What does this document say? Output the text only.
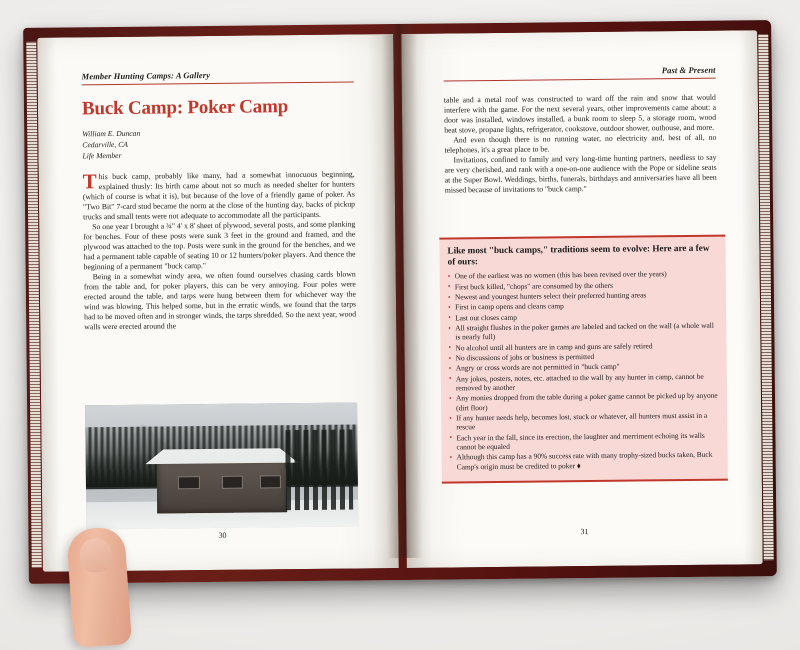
Member Hunting Camps: A Gallery
Buck Camp: Poker Camp
William E. Duncan
Cedarville, CA
Life Member
T his buck camp, probably like many, had a somewhat innocuous beginning, explained thusly: Its birth came about not so much as needed shelter for hunters (which of course is what it is), but because of the love of a friendly game of poker. As "Two Bit" 7-card stud became the norm at the close of the hunting day, backs of pickup trucks and small tents were not adequate to accommodate all the participants.

So one year I brought a ¾" 4' x 8' sheet of plywood, several posts, and some planking for benches. Four of these posts were sunk 3 feet in the ground and framed, and the plywood was attached to the top. Posts were sunk in the ground for the benches, and we had a permanent table capable of seating 10 or 12 hunters/poker players. And thence the beginning of a permanent "buck camp."

Being in a somewhat windy area, we often found ourselves chasing cards blown from the table and, for poker players, this can be very annoying. Four poles were erected around the table, and tarps were hung between them for whichever way the wind was blowing. This helped some, but in the erratic winds, we found that the tarps had to be moved often and in stronger winds, the tarps shredded. So the next year, wood walls were erected around the

30
Past & Present

table and a metal roof was constructed to ward off the rain and snow that would interfere with the game. For the next several years, other improvements came about: a door was installed, windows installed, a bunk room to sleep 5, a storage room, wood heat stove, propane lights, refrigerator, cookstove, outdoor shower, outhouse, and more.

And even though there is no running water, no electricity and, best of all, no telephones, it's a great place to be.

Invitations, confined to family and very long-time hunting partners, needless to say are very cherished, and rank with a one-on-one audience with the Pope or sideline seats at the Super Bowl. Weddings, births, funerals, birthdays and anniversaries have all been missed because of invitations to "buck camp."

Like most "buck camps," traditions seem to evolve: Here are a few of ours:
• One of the earliest was no women (this has been revised over the years)
• First buck killed, "chops" are consumed by the others
• Newest and youngest hunters select their preferred hunting areas
• First in camp opens and cleans camp
• Last out closes camp
• All straight flushes in the poker games are labeled and tacked on the wall (a whole wall is nearly full)
• No alcohol until all hunters are in camp and guns are safely retired
• No discussions of jobs or business is permitted
• Angry or cross words are not permitted in "buck camp"
• Any jokes, posters, notes, etc. attached to the wall by any hunter in camp, cannot be removed by another
• Any monies dropped from the table during a poker game cannot be picked up by anyone (dirt floor)
• If any hunter needs help, becomes lost, stuck or whatever, all hunters must assist in a rescue
• Each year in the fall, since its erection, the laughter and merriment echoing its walls cannot be equaled
• Although this camp has a 90% success rate with many trophy-sized bucks taken, Buck Camp's origin must be credited to poker ⬧
31
